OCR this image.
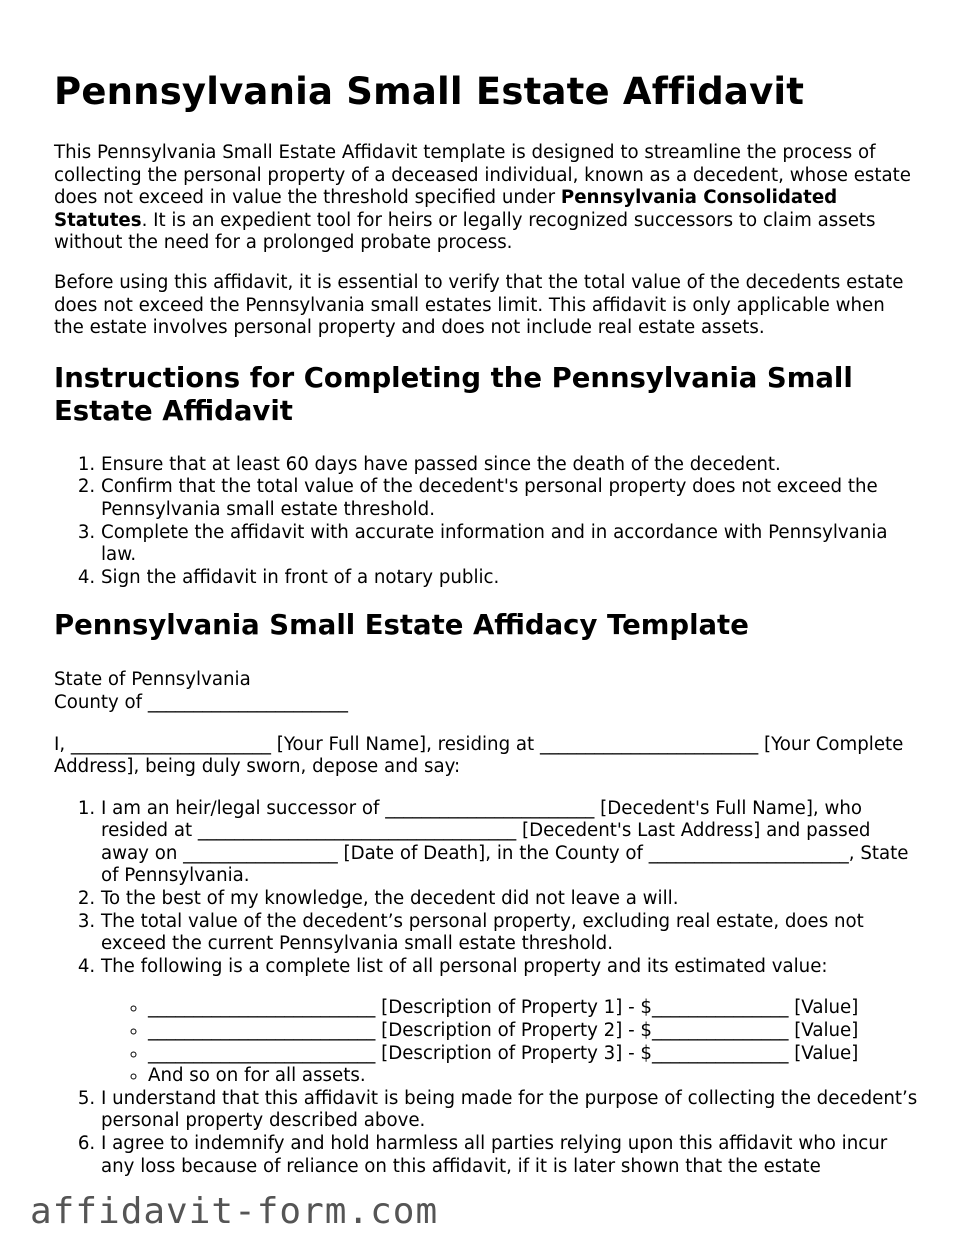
Pennsylvania Small Estate Affidavit

This Pennsylvania Small Estate Affidavit template is designed to streamline the process of collecting the personal property of a deceased individual, known as a decedent, whose estate does not exceed in value the threshold specified under Pennsylvania Consolidated Statutes. It is an expedient tool for heirs or legally recognized successors to claim assets without the need for a prolonged probate process.

Before using this affidavit, it is essential to verify that the total value of the decedents estate does not exceed the Pennsylvania small estates limit. This affidavit is only applicable when the estate involves personal property and does not include real estate assets.

Instructions for Completing the Pennsylvania Small Estate Affidavit
1. Ensure that at least 60 days have passed since the death of the decedent.
2. Confirm that the total value of the decedent's personal property does not exceed the Pennsylvania small estate threshold.
3. Complete the affidavit with accurate information and in accordance with Pennsylvania law.
4. Sign the affidavit in front of a notary public.
Pennsylvania Small Estate Affidacy Template

State of Pennsylvania

County of ______________________

I, ______________________ [Your Full Name], residing at ________________________ [Your Complete Address], being duly sworn, depose and say:

1. I am an heir/legal successor of _______________________ [Decedent's Full Name], who resided at ___________________________________ [Decedent's Last Address] and passed away on _________________ [Date of Death], in the County of ______________________, State of Pennsylvania.
2. To the best of my knowledge, the decedent did not leave a will.
3. The total value of the decedent’s personal property, excluding real estate, does not exceed the current Pennsylvania small estate threshold.
4. The following is a complete list of all personal property and its estimated value:
◦ _________________________ [Description of Property 1] - $_______________ [Value]
◦ _________________________ [Description of Property 2] - $_______________ [Value]
◦ _________________________ [Description of Property 3] - $_______________ [Value]
◦ And so on for all assets.
5. I understand that this affidavit is being made for the purpose of collecting the decedent’s personal property described above.
6. I agree to indemnify and hold harmless all parties relying upon this affidavit who incur any loss because of reliance on this affidavit, if it is later shown that the estate
affidavit-form.com
